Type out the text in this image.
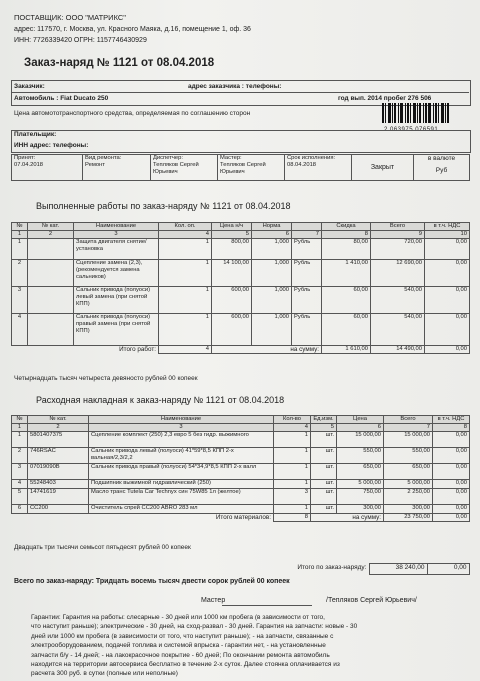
ПОСТАВЩИК: ООО "МАТРИКС"
адрес: 117570, г. Москва, ул. Красного Маяка, д.16, помещение 1, оф. 36
ИНН: 7726339420 ОГРН: 1157746430929
Заказ-наряд № 1121 от 08.04.2018
Заказчик:	адрес заказчика : телефоны:
Автомобиль : Fiat Ducato 250	год вып. 2014 пробег 276 506
Цена автомототранспортного средства, определяемая по соглашению сторон
2 063975 076591
Плательщик:
ИНН адрес: телефоны:
Принят:
07.04.2018

Вид ремонта:
Ремонт

Диспетчер:
Тепляков Сергей Юрьевич

Мастер:
Тепляков Сергей Юрьевич

Срок исполнения:
08.04.2018	Закрыт	
в валюте
Руб
Выполненные работы по заказ-наряду № 1121 от 08.04.2018
№	№ кат.	Наименование	Кол. оп.	Цена н/ч	Норма		Скидка	Всего	в т.ч. НДС
1	2	3	4	5	6	7	8	9	10
1		Защита двигателя снятие/установка	1	800,00	1,000	Рубль	80,00	720,00	0,00
2		Сцепление замена (2,3), (рекомендуется замена сальников)	1	14 100,00	1,000	Рубль	1 410,00	12 690,00	0,00
3		Сальник привода (полуоси) левый замена (при снятой КПП)	1	600,00	1,000	Рубль	60,00	540,00	0,00
4		Сальник привода (полуоси) правый замена (при снятой КПП)	1	600,00	1,000	Рубль	60,00	540,00	0,00
Итого работ:			4	на сумму:			1 610,00	14 490,00	0,00
Четырнадцать тысяч четыреста девяносто рублей 00 копеек
Расходная накладная к заказ-наряду № 1121 от 08.04.2018
№	№ кат.	Наименование	Кол-во	Ед.изм.	Цена	Всего	в т.ч. НДС
1	2	3	4	5	6	7	8
1	5801407375	Сцепление комплект (250) 2,3 евро 5 без гидр. выжимного	1	шт.	15 000,00	15 000,00	0,00
2	746RSAC	Сальник привода левый (полуоси) 41*59*8,5 КПП 2-х вальная/2,3/2,2	1	шт.	550,00	550,00	0,00
3	07019090B	Сальник привода правый (полуоси) 54*34,9*8,5 КПП 2-х валл	1	шт.	650,00	650,00	0,00
4	55248403	Подшипник выжимной гидравлический (250)	1	шт.	5 000,00	5 000,00	0,00
5	14741619	Масло транс Tutela Car Technyx син 75W85 1л (желтое)	3	шт.	750,00	2 250,00	0,00
6	CC200	Очиститель спрей CC200 ABRO 283 мл	1	шт.	300,00	300,00	0,00
Итого материалов:			8	на сумму:		23 750,00	0,00
Двадцать три тысячи семьсот пятьдесят рублей 00 копеек
Итого по заказ-наряду:	38 240,00	0,00
Всего по заказ-наряду: Тридцать восемь тысяч двести сорок рублей 00 копеек
Мастер	/Тепляков Сергей Юрьевич/
Гарантии: Гарантия на работы: слесарные - 30 дней или 1000 км пробега (в зависимости от того,
что наступит раньше); электрические - 30 дней, на сход-развал - 30 дней. Гарантия на запчасти: новые - 30
дней или 1000 км пробега (в зависимости от того, что наступит раньше); - на запчасти, связанные с
электрооборудованием, подачей топлива и системой впрыска - гарантии нет, - на установленные
запчасти б/у - 14 дней; - на лакокрасочное покрытие - 60 дней; По окончании ремонта автомобиль
находится на территории автосервиса бесплатно в течение 2-х суток. Далее стоянка оплачивается из
расчета 300 руб. в сутки (полные или неполные)
